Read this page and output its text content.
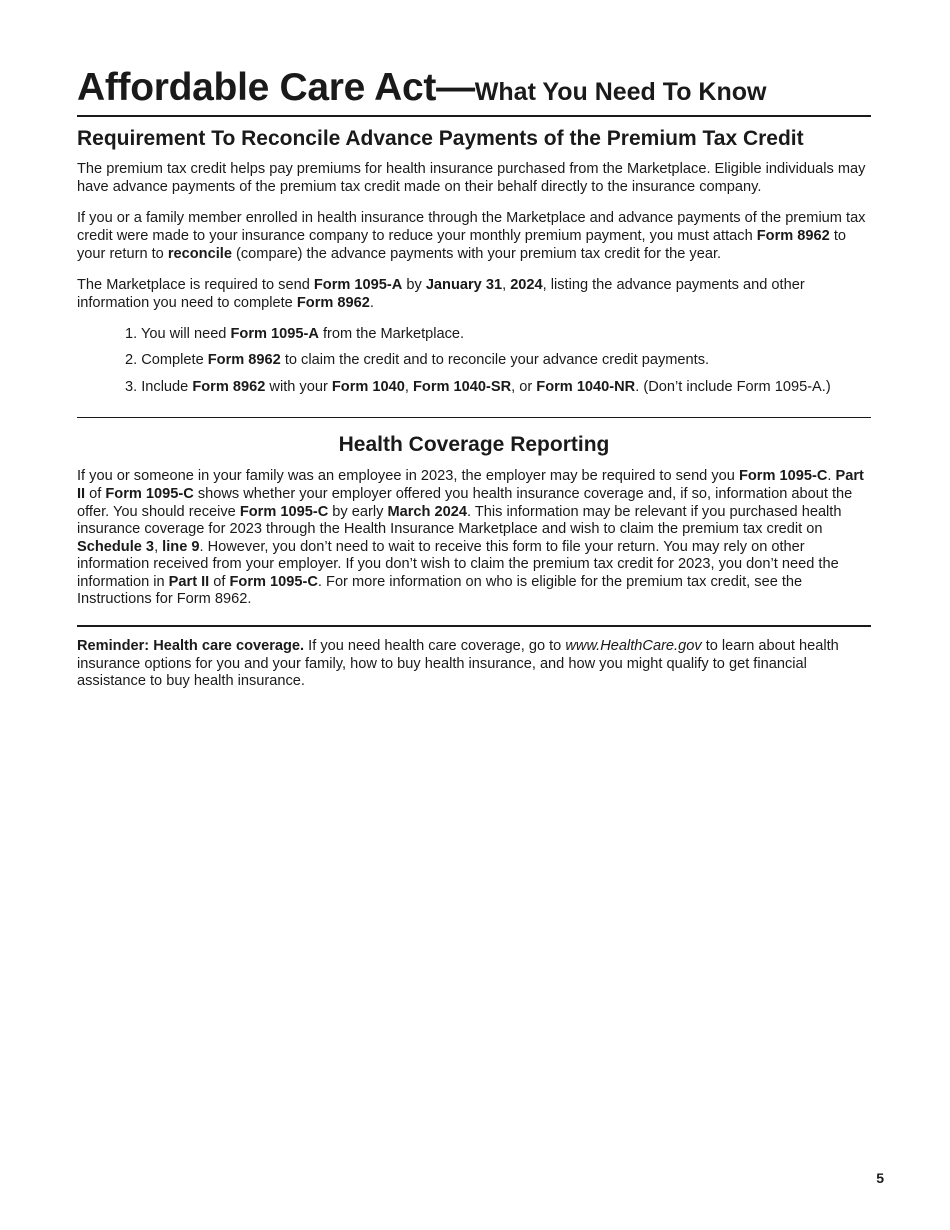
Affordable Care Act—What You Need To Know
Requirement To Reconcile Advance Payments of the Premium Tax Credit

The premium tax credit helps pay premiums for health insurance purchased from the Marketplace. Eligible individuals may have advance payments of the premium tax credit made on their behalf directly to the insurance company.

If you or a family member enrolled in health insurance through the Marketplace and advance payments of the premium tax credit were made to your insurance company to reduce your monthly premium payment, you must attach Form 8962 to your return to reconcile (compare) the advance payments with your premium tax credit for the year.

The Marketplace is required to send Form 1095-A by January 31, 2024, listing the advance payments and other information you need to complete Form 8962.

1. You will need Form 1095-A from the Marketplace.
2. Complete Form 8962 to claim the credit and to reconcile your advance credit payments.
3. Include Form 8962 with your Form 1040, Form 1040-SR, or Form 1040-NR. (Don’t include Form 1095-A.)
Health Coverage Reporting

If you or someone in your family was an employee in 2023, the employer may be required to send you Form 1095-C. Part II of Form 1095-C shows whether your employer offered you health insurance coverage and, if so, information about the offer. You should receive Form 1095-C by early March 2024. This information may be relevant if you purchased health insurance coverage for 2023 through the Health Insurance Marketplace and wish to claim the premium tax credit on Schedule 3, line 9. However, you don’t need to wait to receive this form to file your return. You may rely on other information received from your employer. If you don’t wish to claim the premium tax credit for 2023, you don’t need the information in Part II of Form 1095-C. For more information on who is eligible for the premium tax credit, see the Instructions for Form 8962.

Reminder: Health care coverage. If you need health care coverage, go to www.HealthCare.gov to learn about health insurance options for you and your family, how to buy health insurance, and how you might qualify to get financial assistance to buy health insurance.

5
